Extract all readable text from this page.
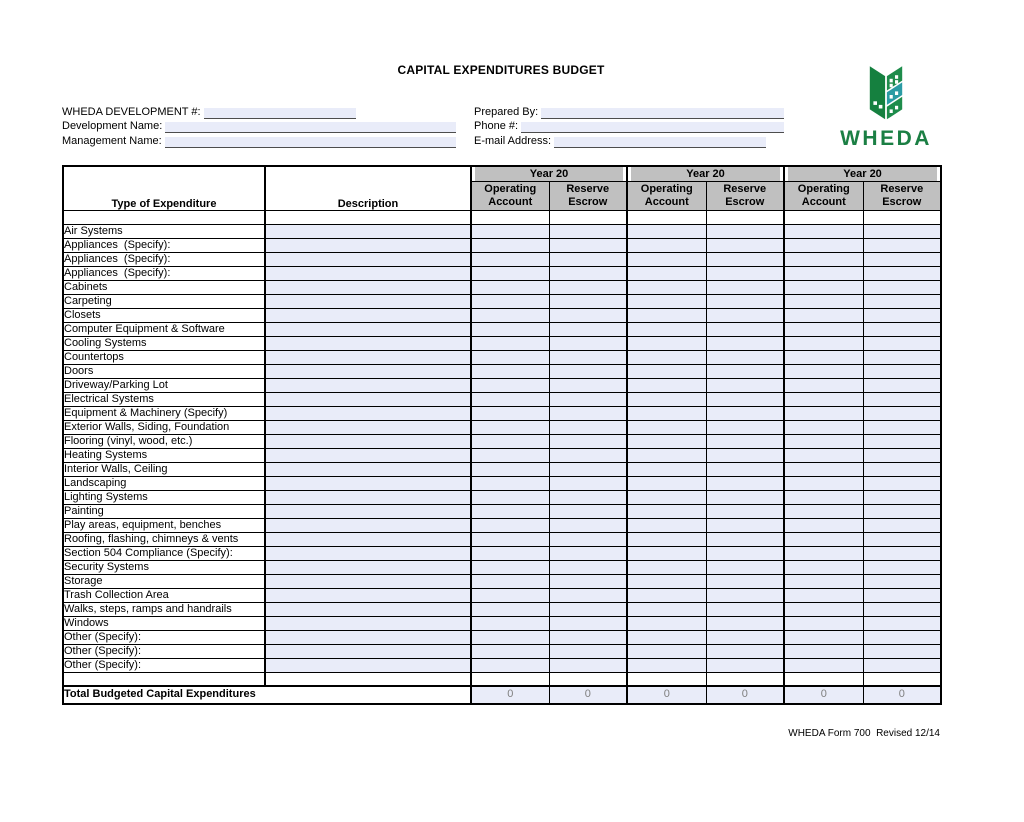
CAPITAL EXPENDITURES BUDGET
WHEDA DEVELOPMENT #:
Development Name:
Management Name:
Prepared By:
Phone #:
E-mail Address:	WHEDA
Type of Expenditure	Description	Year 20		Year 20		Year 20	
		Operating Account	Reserve Escrow	Operating Account	Reserve Escrow	Operating Account	Reserve Escrow

Air Systems							
Appliances  (Specify):							
Appliances  (Specify):							
Appliances  (Specify):							
Cabinets							
Carpeting							
Closets							
Computer Equipment & Software							
Cooling Systems							
Countertops							
Doors							
Driveway/Parking Lot							
Electrical Systems							
Equipment & Machinery (Specify)							
Exterior Walls, Siding, Foundation							
Flooring (vinyl, wood, etc.)							
Heating Systems							
Interior Walls, Ceiling							
Landscaping							
Lighting Systems							
Painting							
Play areas, equipment, benches							
Roofing, flashing, chimneys & vents							
Section 504 Compliance (Specify):							
Security Systems							
Storage							
Trash Collection Area							
Walks, steps, ramps and handrails							
Windows							
Other (Specify):							
Other (Specify):							
Other (Specify):							

Total Budgeted Capital Expenditures		0	0	0	0	0	0
WHEDA Form 700  Revised 12/14
